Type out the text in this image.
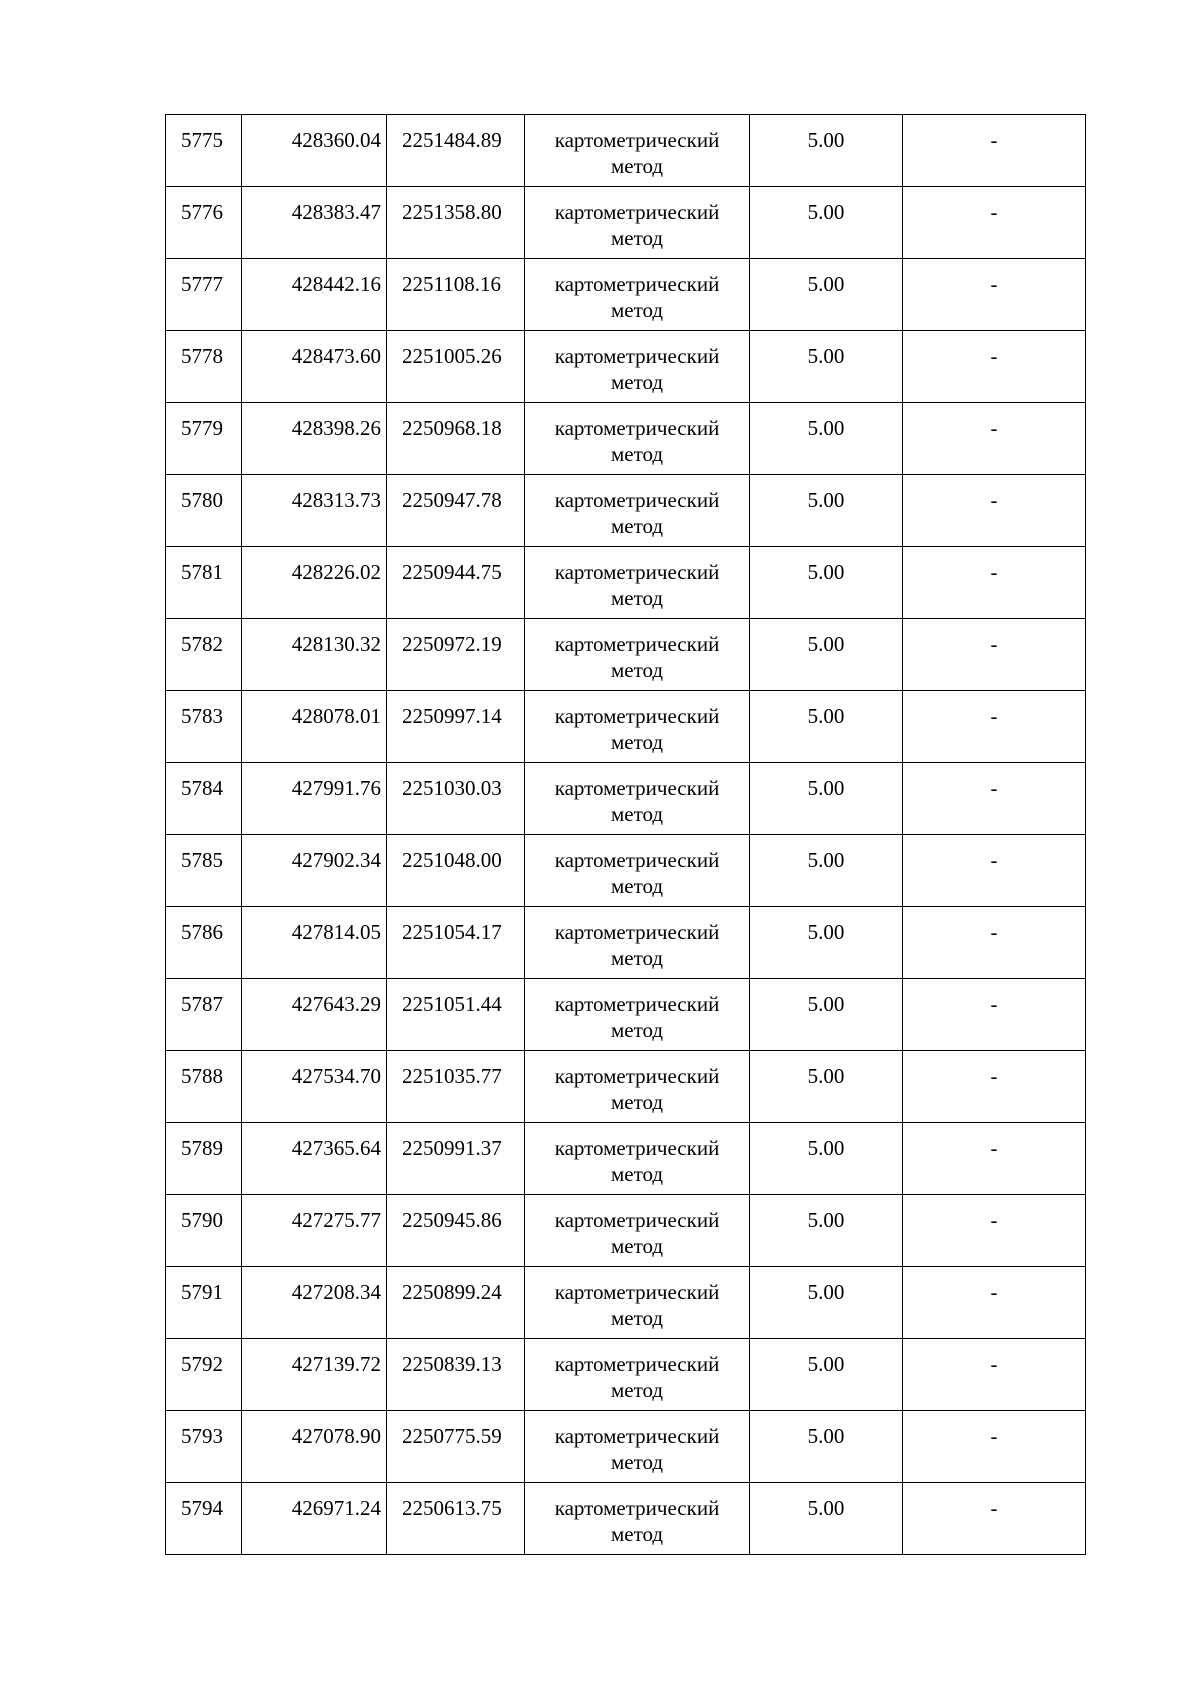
5775	428360.04	2251484.89	картометрический
метод	5.00	-
5776	428383.47	2251358.80	картометрический
метод	5.00	-
5777	428442.16	2251108.16	картометрический
метод	5.00	-
5778	428473.60	2251005.26	картометрический
метод	5.00	-
5779	428398.26	2250968.18	картометрический
метод	5.00	-
5780	428313.73	2250947.78	картометрический
метод	5.00	-
5781	428226.02	2250944.75	картометрический
метод	5.00	-
5782	428130.32	2250972.19	картометрический
метод	5.00	-
5783	428078.01	2250997.14	картометрический
метод	5.00	-
5784	427991.76	2251030.03	картометрический
метод	5.00	-
5785	427902.34	2251048.00	картометрический
метод	5.00	-
5786	427814.05	2251054.17	картометрический
метод	5.00	-
5787	427643.29	2251051.44	картометрический
метод	5.00	-
5788	427534.70	2251035.77	картометрический
метод	5.00	-
5789	427365.64	2250991.37	картометрический
метод	5.00	-
5790	427275.77	2250945.86	картометрический
метод	5.00	-
5791	427208.34	2250899.24	картометрический
метод	5.00	-
5792	427139.72	2250839.13	картометрический
метод	5.00	-
5793	427078.90	2250775.59	картометрический
метод	5.00	-
5794	426971.24	2250613.75	картометрический
метод	5.00	-
